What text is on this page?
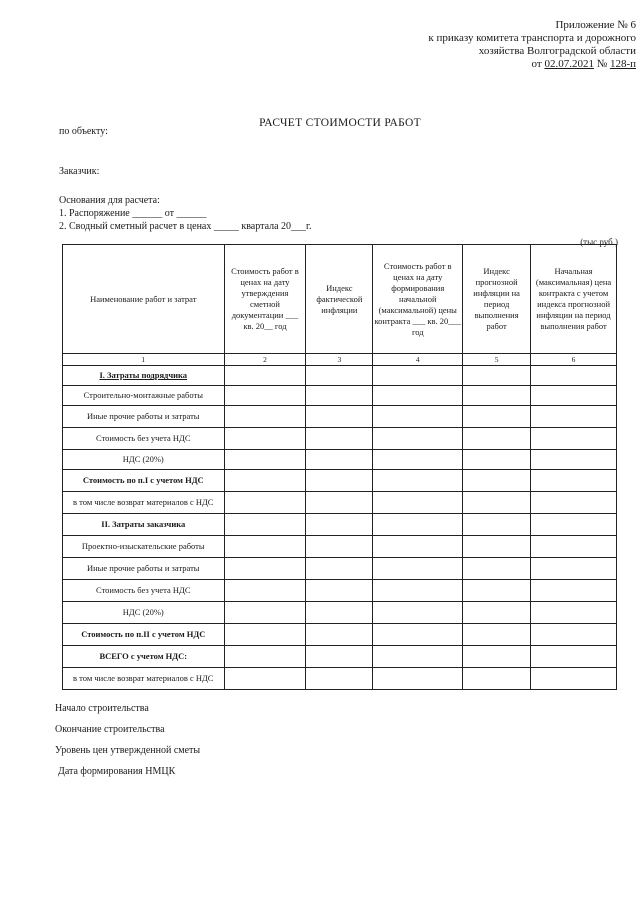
Приложение № 6
к приказу комитета транспорта и дорожного
хозяйства Волгоградской области
от 02.07.2021 № 128-п
РАСЧЕТ СТОИМОСТИ РАБОТ
по объекту:
Заказчик:
Основания для расчета:
1. Распоряжение ______ от ______
2. Сводный сметный расчет в ценах _____ квартала 20___г.
(тыс.руб.)
Наименование работ и затрат	Стоимость работ в ценах на дату утверждения сметной документации ___ кв. 20__ год	Индекс фактической инфляции	Стоимость работ в ценах на дату формирования начальной (максимальной) цены контракта ___ кв. 20___ год	Индекс прогнозной инфляции на период выполнения работ	Начальная (максимальная) цена контракта с учетом индекса прогнозной инфляции на период выполнения работ
1	2	3	4	5	6
I. Затраты подрядчика					
Строительно-монтажные работы					
Иные прочие работы и затраты					
Стоимость без учета НДС					
НДС (20%)					
Стоимость по п.I с учетом НДС					
в том числе возврат материалов с НДС					
II. Затраты заказчика					
Проектно-изыскательские работы					
Иные прочие работы и затраты					
Стоимость без учета НДС					
НДС (20%)					
Стоимость по п.II с учетом НДС					
ВСЕГО с учетом НДС:					
в том числе возврат материалов с НДС					
Начало строительства
Окончание строительства
Уровень цен утвержденной сметы
Дата формирования НМЦК
